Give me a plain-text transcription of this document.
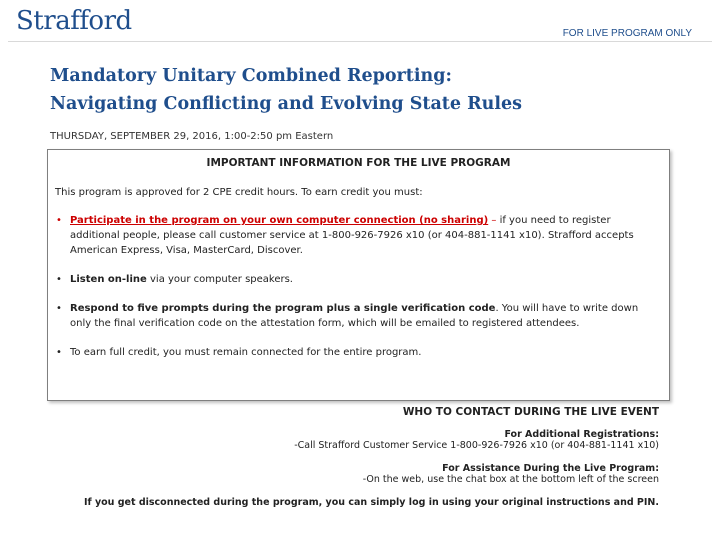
Strafford	FOR LIVE PROGRAM ONLY
Mandatory Unitary Combined Reporting:
Navigating Conflicting and Evolving State Rules
THURSDAY, SEPTEMBER 29, 2016, 1:00-2:50 pm Eastern
IMPORTANT INFORMATION FOR THE LIVE PROGRAM
This program is approved for 2 CPE credit hours. To earn credit you must:
• Participate in the program on your own computer connection (no sharing) – if you need to register additional people, please call customer service at 1-800-926-7926 x10 (or 404-881-1141 x10). Strafford accepts American Express, Visa, MasterCard, Discover.
• Listen on-line via your computer speakers.
• Respond to five prompts during the program plus a single verification code. You will have to write down only the final verification code on the attestation form, which will be emailed to registered attendees.
• To earn full credit, you must remain connected for the entire program.
WHO TO CONTACT DURING THE LIVE EVENT
For Additional Registrations:
-Call Strafford Customer Service 1-800-926-7926 x10 (or 404-881-1141 x10)
For Assistance During the Live Program:
-On the web, use the chat box at the bottom left of the screen
If you get disconnected during the program, you can simply log in using your original instructions and PIN.
